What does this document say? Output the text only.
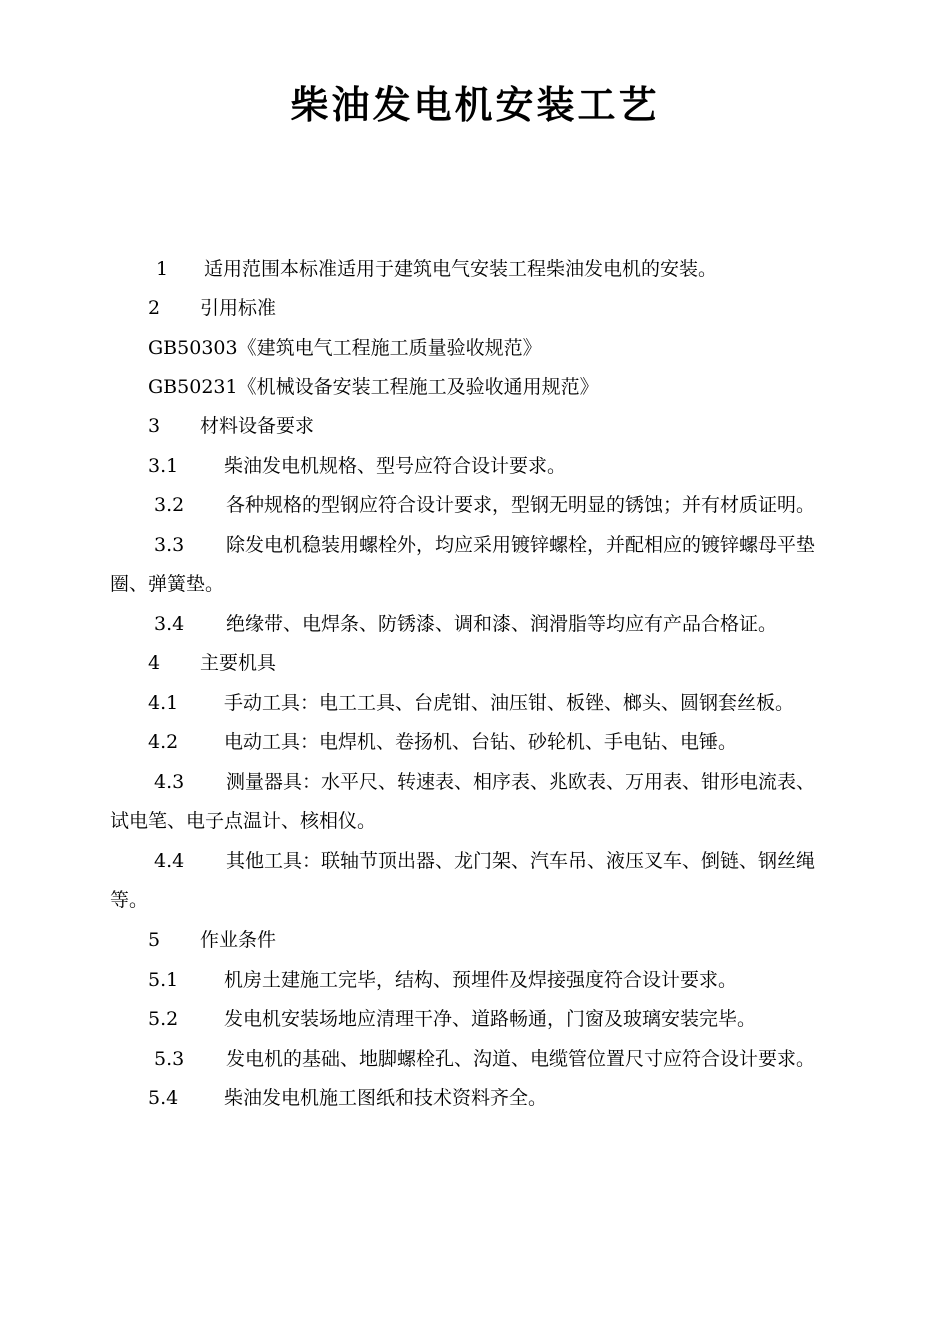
柴油发电机安装工艺
1 适用范围本标准适用于建筑电气安装工程柴油发电机的安装。
2 引用标准
GB50303《建筑电气工程施工质量验收规范》
GB50231《机械设备安装工程施工及验收通用规范》
3 材料设备要求
3.1 柴油发电机规格、型号应符合设计要求。
3.2 各种规格的型钢应符合设计要求，型钢无明显的锈蚀；并有材质证明。
3.3 除发电机稳装用螺栓外，均应采用镀锌螺栓，并配相应的镀锌螺母平垫
圈、弹簧垫。
3.4 绝缘带、电焊条、防锈漆、调和漆、润滑脂等均应有产品合格证。
4 主要机具
4.1 手动工具：电工工具、台虎钳、油压钳、板锉、榔头、圆钢套丝板。
4.2 电动工具：电焊机、卷扬机、台钻、砂轮机、手电钻、电锤。
4.3 测量器具：水平尺、转速表、相序表、兆欧表、万用表、钳形电流表、
试电笔、电子点温计、核相仪。
4.4 其他工具：联轴节顶出器、龙门架、汽车吊、液压叉车、倒链、钢丝绳
等。
5 作业条件
5.1 机房土建施工完毕，结构、预埋件及焊接强度符合设计要求。
5.2 发电机安装场地应清理干净、道路畅通，门窗及玻璃安装完毕。
5.3 发电机的基础、地脚螺栓孔、沟道、电缆管位置尺寸应符合设计要求。
5.4 柴油发电机施工图纸和技术资料齐全。
